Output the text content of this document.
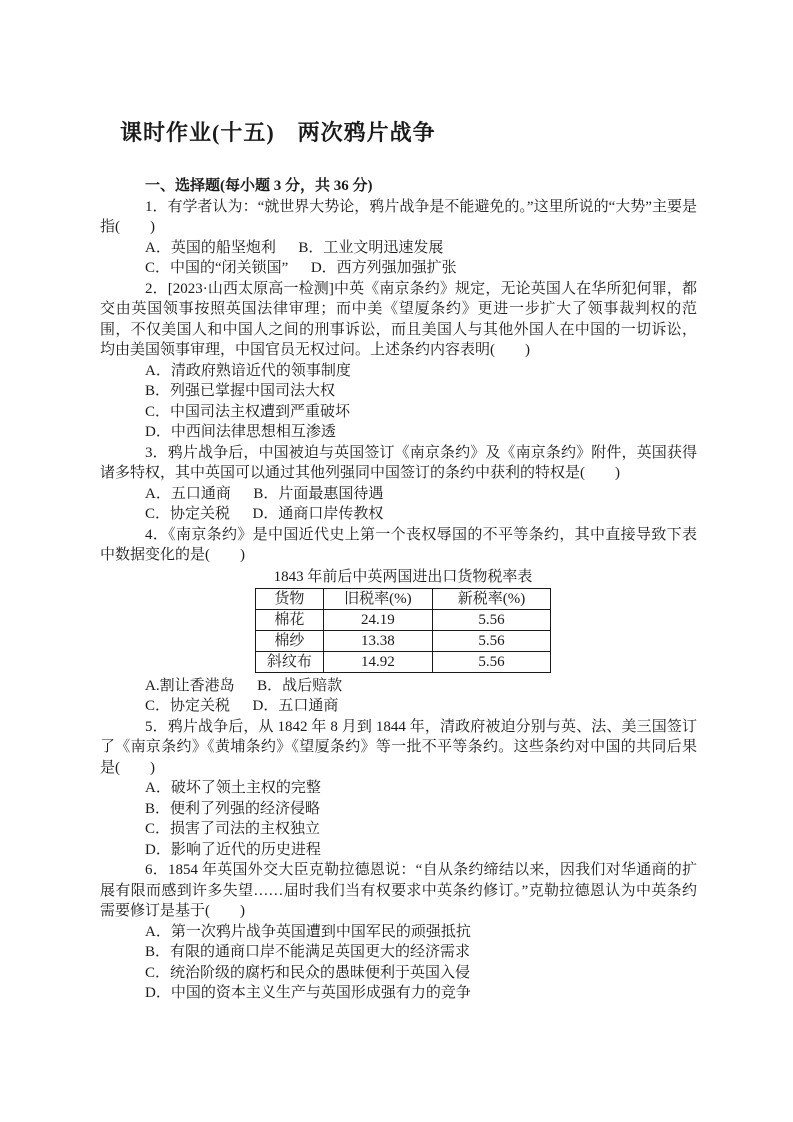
课时作业(十五)　两次鸦片战争

一、选择题(每小题 3 分，共 36 分)

1．有学者认为：“就世界大势论，鸦片战争是不能避免的。”这里所说的“大势”主要是指(　　)

A．英国的船坚炮利 B．工业文明迅速发展

C．中国的“闭关锁国” D．西方列强加强扩张

2．[2023·山西太原高一检测]中英《南京条约》规定，无论英国人在华所犯何罪，都交由英国领事按照英国法律审理；而中美《望厦条约》更进一步扩大了领事裁判权的范围，不仅美国人和中国人之间的刑事诉讼，而且美国人与其他外国人在中国的一切诉讼，均由美国领事审理，中国官员无权过问。上述条约内容表明(　　)

A．清政府熟谙近代的领事制度

B．列强已掌握中国司法大权

C．中国司法主权遭到严重破坏

D．中西间法律思想相互渗透

3．鸦片战争后，中国被迫与英国签订《南京条约》及《南京条约》附件，英国获得诸多特权，其中英国可以通过其他列强同中国签订的条约中获利的特权是(　　)

A．五口通商 B．片面最惠国待遇

C．协定关税 D．通商口岸传教权

4．《南京条约》是中国近代史上第一个丧权辱国的不平等条约，其中直接导致下表中数据变化的是(　　)

1843 年前后中英两国进出口货物税率表

货物	旧税率(%)	新税率(%)
棉花	24.19	5.56
棉纱	13.38	5.56
斜纹布	14.92	5.56

A.割让香港岛 B．战后赔款

C．协定关税 D．五口通商

5．鸦片战争后，从 1842 年 8 月到 1844 年，清政府被迫分别与英、法、美三国签订了《南京条约》《黄埔条约》《望厦条约》等一批不平等条约。这些条约对中国的共同后果是(　　)

A．破坏了领土主权的完整

B．便利了列强的经济侵略

C．损害了司法的主权独立

D．影响了近代的历史进程

6．1854 年英国外交大臣克勒拉德恩说：“自从条约缔结以来，因我们对华通商的扩展有限而感到许多失望……届时我们当有权要求中英条约修订。”克勒拉德恩认为中英条约需要修订是基于(　　)

A．第一次鸦片战争英国遭到中国军民的顽强抵抗

B．有限的通商口岸不能满足英国更大的经济需求

C．统治阶级的腐朽和民众的愚昧便利于英国入侵

D．中国的资本主义生产与英国形成强有力的竞争
